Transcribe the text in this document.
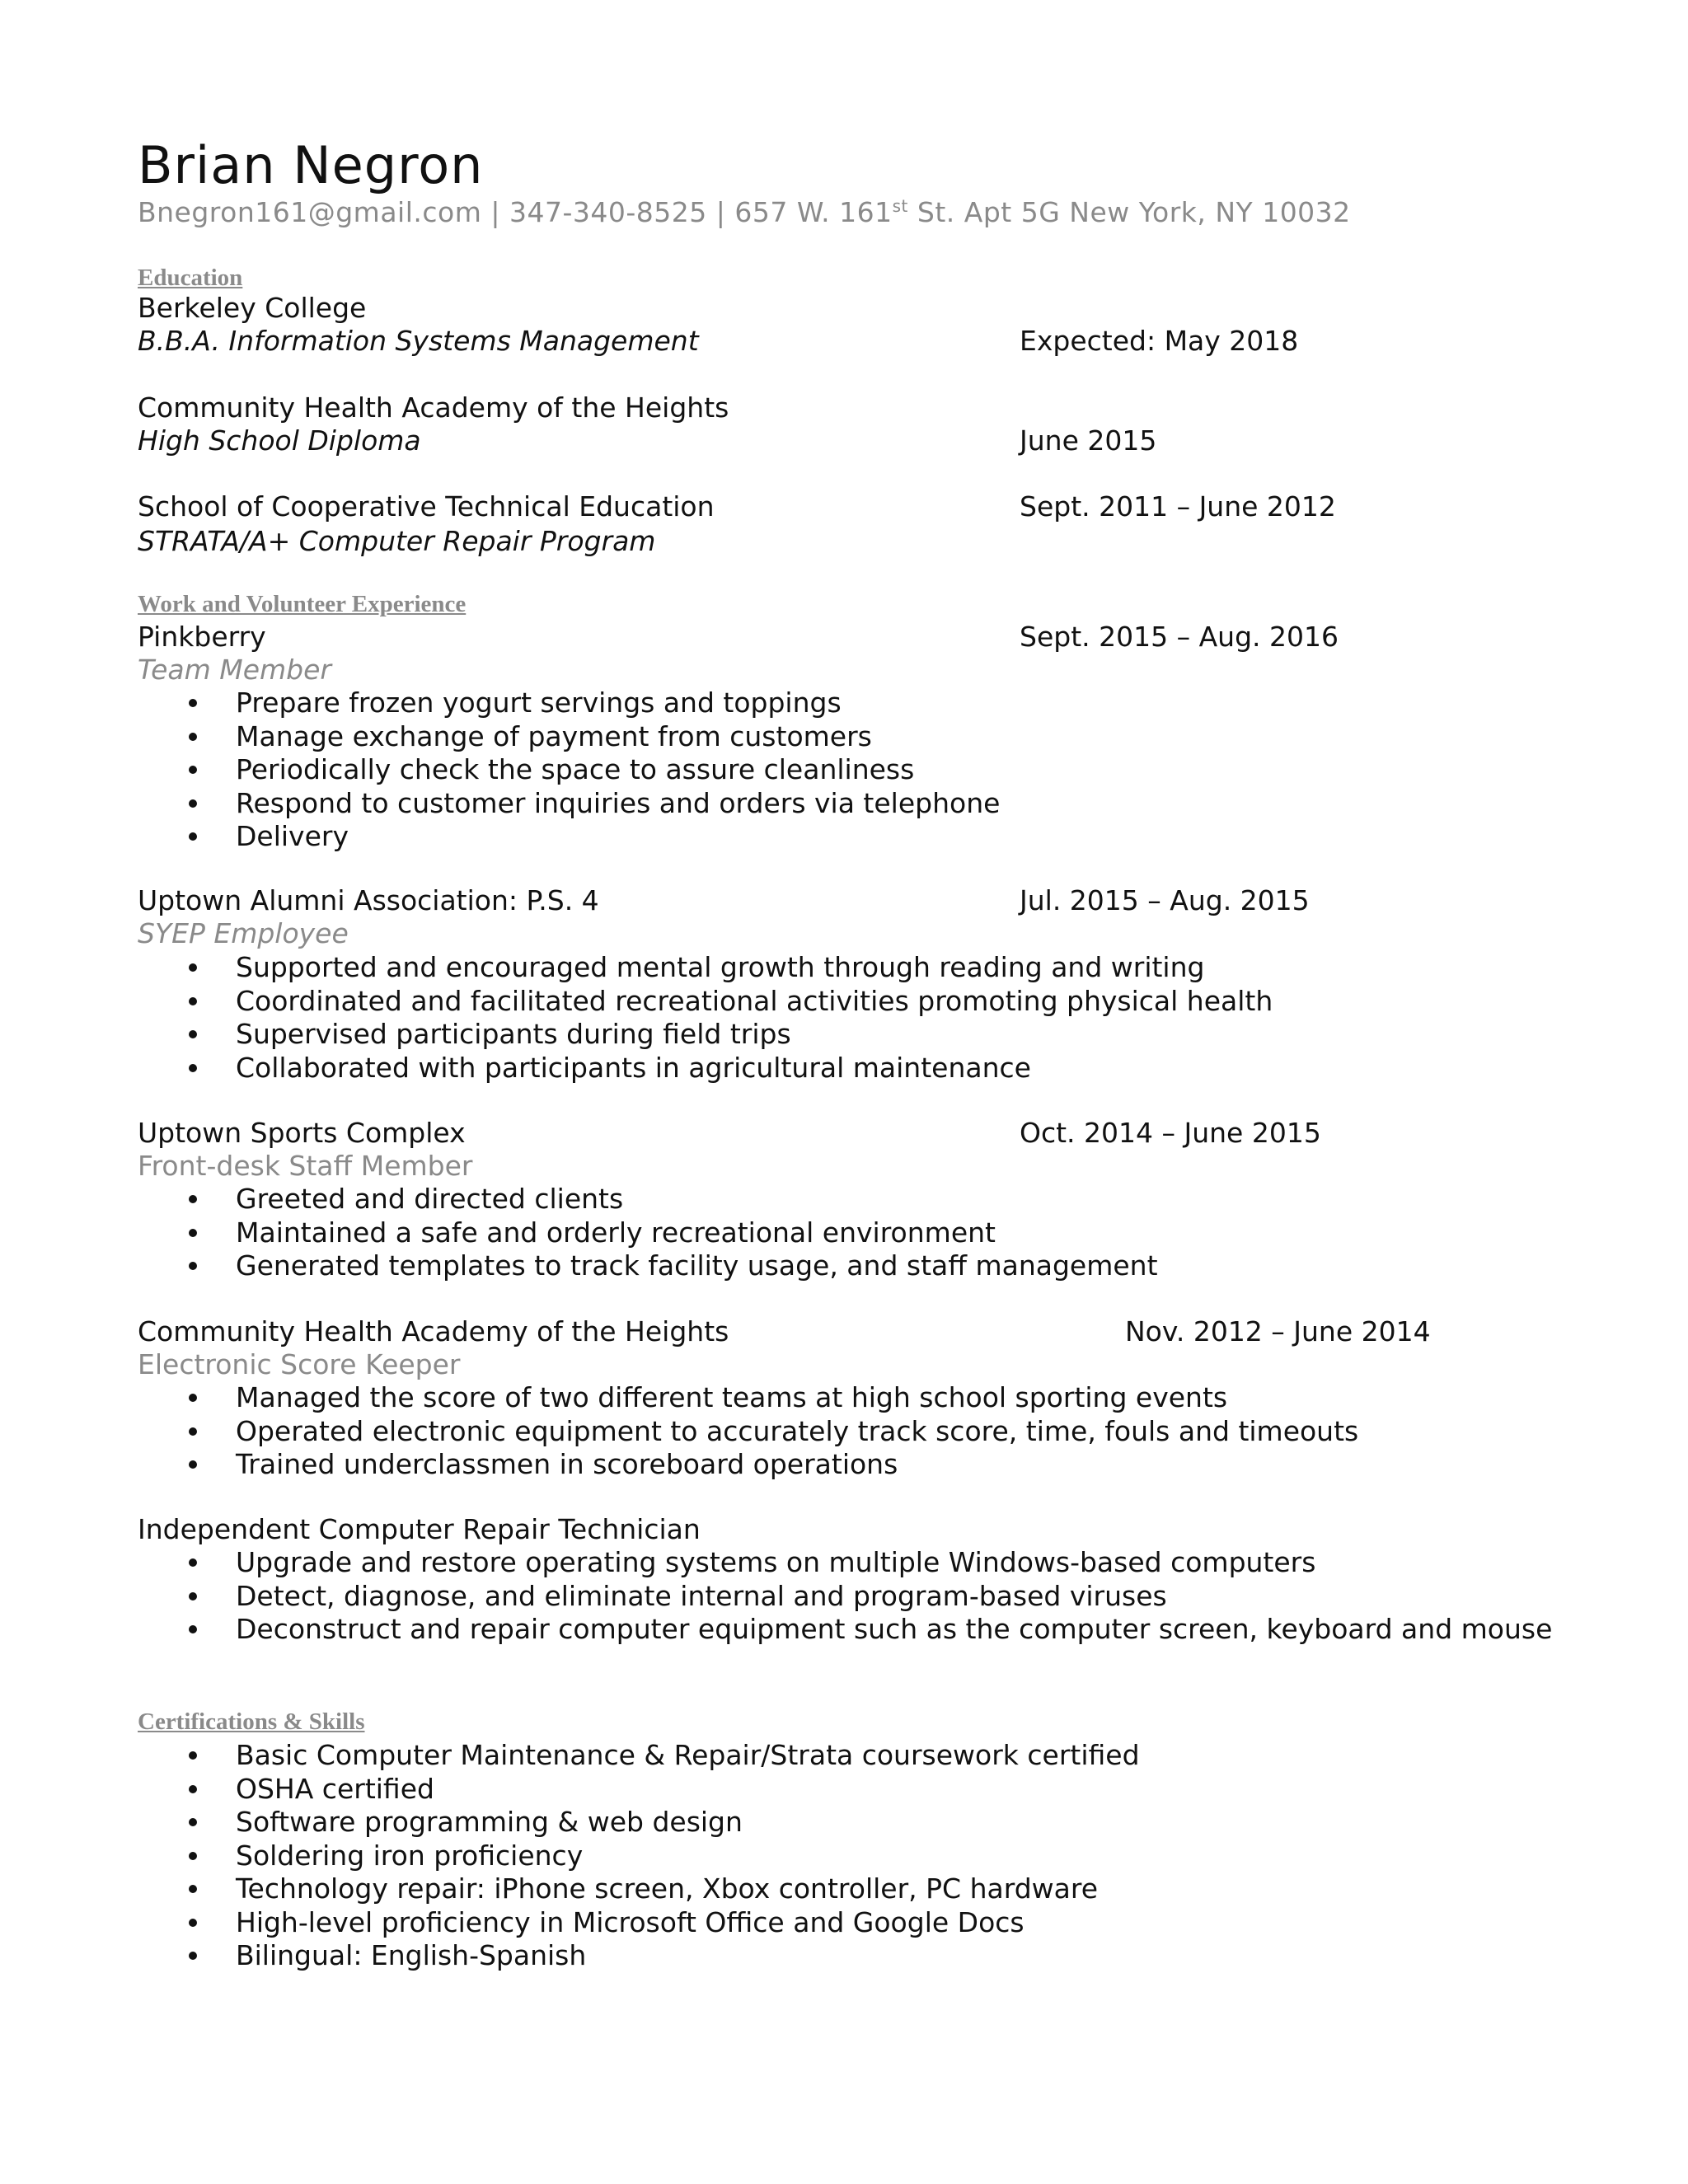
Brian Negron
Bnegron161@gmail.com | 347-340-8525 | 657 W. 161st St. Apt 5G New York, NY 10032
Education
Berkeley College
B.B.A. Information Systems Management	Expected: May 2018
Community Health Academy of the Heights
High School Diploma	June 2015
School of Cooperative Technical Education	Sept. 2011 – June 2012
STRATA/A+ Computer Repair Program
Work and Volunteer Experience
Pinkberry	Sept. 2015 – Aug. 2016
Team Member
Prepare frozen yogurt servings and toppings
Manage exchange of payment from customers
Periodically check the space to assure cleanliness
Respond to customer inquiries and orders via telephone
Delivery
Uptown Alumni Association: P.S. 4	Jul. 2015 – Aug. 2015
SYEP Employee
Supported and encouraged mental growth through reading and writing
Coordinated and facilitated recreational activities promoting physical health
Supervised participants during field trips
Collaborated with participants in agricultural maintenance
Uptown Sports Complex	Oct. 2014 – June 2015
Front-desk Staff Member
Greeted and directed clients
Maintained a safe and orderly recreational environment
Generated templates to track facility usage, and staff management
Community Health Academy of the Heights	Nov. 2012 – June 2014
Electronic Score Keeper
Managed the score of two different teams at high school sporting events
Operated electronic equipment to accurately track score, time, fouls and timeouts
Trained underclassmen in scoreboard operations
Independent Computer Repair Technician
Upgrade and restore operating systems on multiple Windows-based computers
Detect, diagnose, and eliminate internal and program-based viruses
Deconstruct and repair computer equipment such as the computer screen, keyboard and mouse
Certifications & Skills
Basic Computer Maintenance & Repair/Strata coursework certified
OSHA certified
Software programming & web design
Soldering iron proficiency
Technology repair: iPhone screen, Xbox controller, PC hardware
High-level proficiency in Microsoft Office and Google Docs
Bilingual: English-Spanish
